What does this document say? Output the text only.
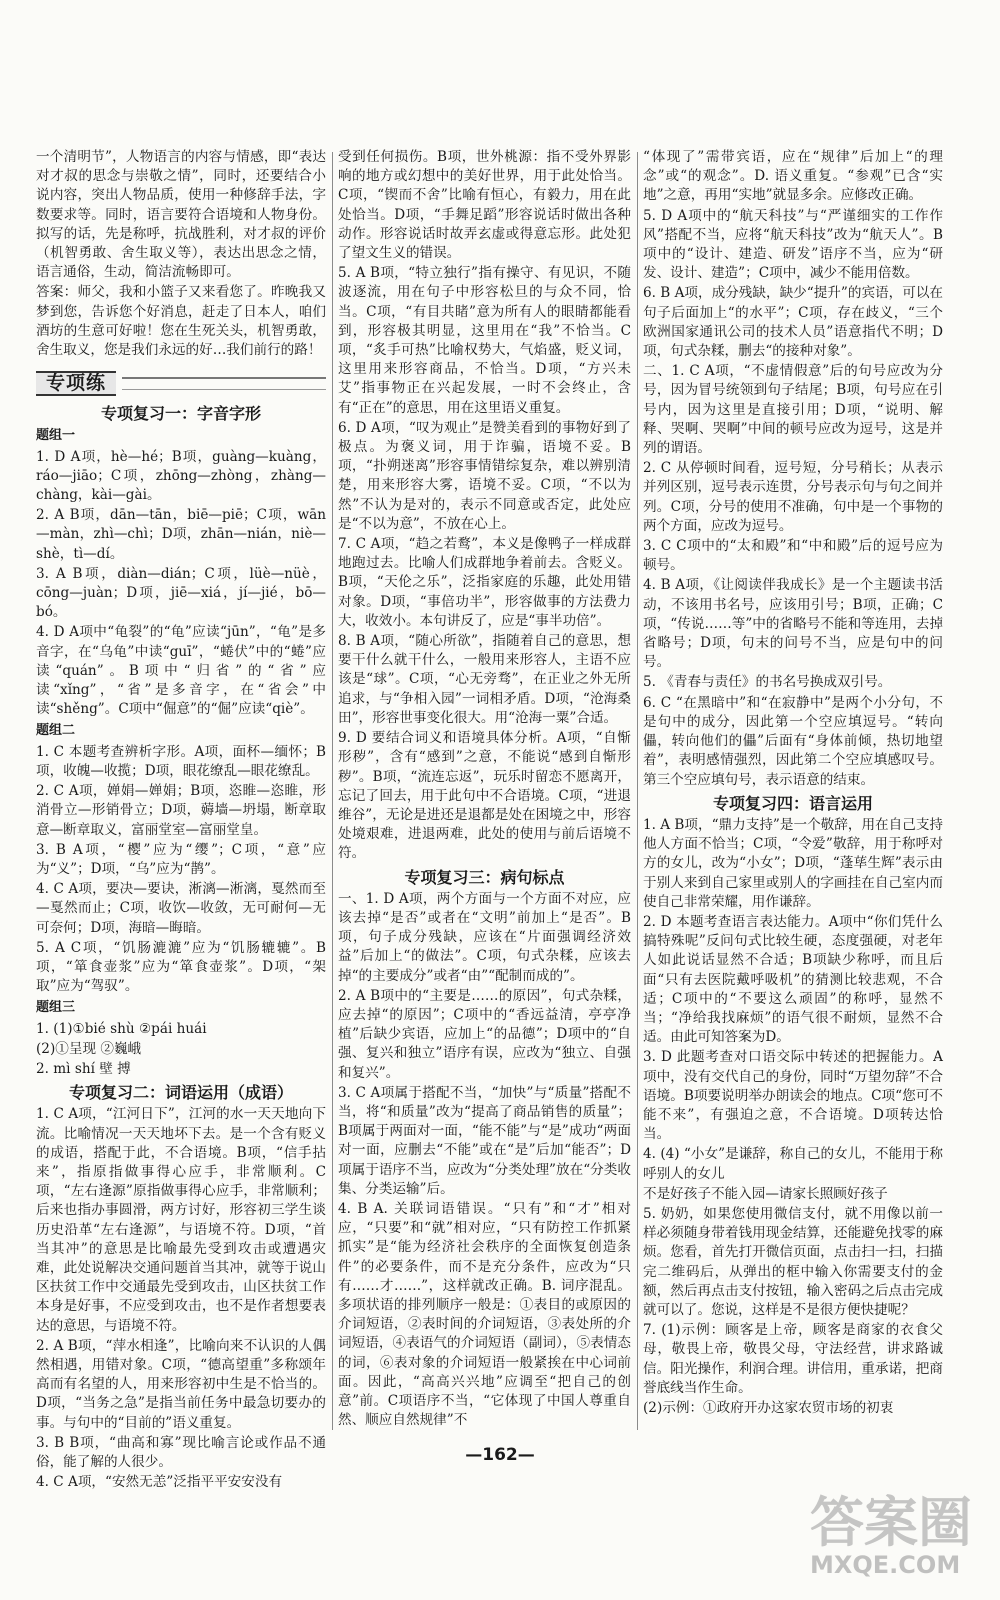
一个清明节”，人物语言的内容与情感，即“表达对才叔的思念与崇敬之情”，同时，还要结合小说内容，突出人物品质，使用一种修辞手法，字数要求等。同时，语言要符合语境和人物身份。拟写的话，先是称呼，抗战胜利，对才叔的评价（机智勇敢、舍生取义等），表达出思念之情，语言通俗，生动，简洁流畅即可。

答案：师父，我和小篮子又来看您了。昨晚我又梦到您，告诉您个好消息，赶走了日本人，咱们酒坊的生意可好啦！您在生死关头，机智勇敢，舍生取义，您是我们永远的好…我们前行的路！

专项练
专项复习一：字音字形
题组一

1. D A项，hè—hé；B项，guàng—kuàng，ráo—jiāo；C项，zhōng—zhòng，zhàng—chàng，kài—gài。

2. A B项，dān—tān，biē—piē；C项，wān—màn，zhì—chì；D项，zhān—nián，niè—shè，tì—dí。

3. A B项，diàn—dián；C项，lüè—nüè，cōng—juàn；D项，jiē—xiá，jí—jié，bō—bó。

4. D A项中“龟裂”的“龟”应读“jūn”，“龟”是多音字，在“乌龟”中读“guī”，“蜷伏”中的“蜷”应读“quán”。B项中“归省”的“省”应读“xǐng”，“省”是多音字，在“省会”中读“shěng”。C项中“倔意”的“倔”应读“qiè”。

题组二

1. C 本题考查辨析字形。A项，面杯—缅怀；B项，收魄—收揽；D项，眼花缭乱—眼花缭乱。

2. C A项，婵娟—婵娟；B项，恣睢—恣睢，形消骨立—形销骨立；D项，薅墙—坍塌，断章取意—断章取义，富丽堂室—富丽堂皇。

3. B A项，“樱”应为“缨”；C项，“意”应为“义”；D项，“乌”应为“鹊”。

4. C A项，要决—要诀，淅漓—淅漓，戛然而至—戛然而止；C项，收饮—收敛，无可耐何—无可奈何；D项，海暗—晦暗。

5. A C项，“饥肠漉漉”应为“饥肠辘辘”。B项，“箪食壶浆”应为“箪食壶浆”。D项，“架取”应为“驾驭”。

题组三

1. (1)①bié shù ②pái huái

(2)①呈现 ②巍峨

2. mì shí 壁 搏

专项复习二：词语运用（成语）

1. C A项，“江河日下”，江河的水一天天地向下流。比喻情况一天天地坏下去。是一个含有贬义的成语，搭配于此，不合语境。B项，“信手拈来”，指原指做事得心应手，非常顺利。C项，“左右逢源”原指做事得心应手，非常顺利；后来也指办事圆滑，两方讨好，形容初三学生谈历史沿革“左右逢源”，与语境不符。D项，“首当其冲”的意思是比喻最先受到攻击或遭遇灾难，此处说解决交通问题首当其冲，就等于说山区扶贫工作中交通最先受到攻击，山区扶贫工作本身是好事，不应受到攻击，也不是作者想要表达的意思，与语境不符。

2. A B项，“萍水相逢”，比喻向来不认识的人偶然相遇，用错对象。C项，“德高望重”多称颂年高而有名望的人，用来形容初中生是不恰当的。D项，“当务之急”是指当前任务中最急切要办的事。与句中的“目前的”语义重复。

3. B B项，“曲高和寡”现比喻言论或作品不通俗，能了解的人很少。

4. C A项，“安然无恙”泛指平平安安没有

受到任何损伤。B项，世外桃源：指不受外界影响的地方或幻想中的美好世界，用于此处恰当。C项，“锲而不舍”比喻有恒心，有毅力，用在此处恰当。D项，“手舞足蹈”形容说话时做出各种动作。形容说话时故弄玄虚或得意忘形。此处犯了望文生义的错误。

5. A B项，“特立独行”指有操守、有见识，不随波逐流，用在句子中形容松旦的与众不同，恰当。C项，“有目共睹”意为所有人的眼睛都能看到，形容极其明显，这里用在“我”不恰当。C项，“炙手可热”比喻权势大，气焰盛，贬义词，这里用来形容商品，不恰当。D项，“方兴未艾”指事物正在兴起发展，一时不会终止，含有“正在”的意思，用在这里语义重复。

6. D A项，“叹为观止”是赞美看到的事物好到了极点。为褒义词，用于诈骗，语境不妥。B项，“扑朔迷离”形容事情错综复杂，难以辨别清楚，用来形容大雾，语境不妥。C项，“不以为然”不认为是对的，表示不同意或否定，此处应是“不以为意”，不放在心上。

7. C A项，“趋之若鹜”，本义是像鸭子一样成群地跑过去。比喻人们成群地争着前去。含贬义。B项，“天伦之乐”，泛指家庭的乐趣，此处用错对象。D项，“事倍功半”，形容做事的方法费力大，收效小。本句讲反了，应是“事半功倍”。

8. B A项，“随心所欲”，指随着自己的意思，想要干什么就干什么，一般用来形容人，主语不应该是“球”。C项，“心无旁骛”，在正业之外无所追求，与“争相入园”一词相矛盾。D项，“沧海桑田”，形容世事变化很大。用“沧海一粟”合适。

9. D 要结合词义和语境具体分析。A项，“自惭形秽”，含有“感到”之意，不能说“感到自惭形秽”。B项，“流连忘返”，玩乐时留恋不愿离开，忘记了回去，用于此句中不合语境。C项，“进退维谷”，无论是进还是退都是处在困境之中，形容处境艰难，进退两难，此处的使用与前后语境不符。

专项复习三：病句标点

一、1. D A项，两个方面与一个方面不对应，应该去掉“是否”或者在“文明”前加上“是否”。B项，句子成分残缺，应该在“片面强调经济效益”后加上“的做法”。C项，句式杂糅，应该去掉“的主要成分”或者“由”“配制而成的”。

2. A B项中的“主要是……的原因”，句式杂糅，应去掉“的原因”；C项中的“香远益清，亭亭净植”后缺少宾语，应加上“的品德”；D项中的“自强、复兴和独立”语序有误，应改为“独立、自强和复兴”。

3. C A项属于搭配不当，“加快”与“质量”搭配不当，将“和质量”改为“提高了商品销售的质量”；B项属于两面对一面，“能不能”与“是”成功“两面对一面，应删去“不能”或在“是”后加“能否”；D项属于语序不当，应改为“分类处理”放在“分类收集、分类运输”后。

4. B A. 关联词语错误。“只有”和“才”相对应，“只要”和“就”相对应，“只有防控工作抓紧抓实”是“能为经济社会秩序的全面恢复创造条件”的必要条件，而不是充分条件，应改为“只有……才……”，这样就改正确。B. 词序混乱。多项状语的排列顺序一般是：①表目的或原因的介词短语，②表时间的介词短语，③表处所的介词短语，④表语气的介词短语（副词），⑤表情态的词，⑥表对象的介词短语一般紧挨在中心词前面。因此，“高高兴兴地”应调至“把自己的创意”前。C项语序不当，“它体现了中国人尊重自然、顺应自然规律”不

“体现了”需带宾语，应在“规律”后加上“的理念”或“的观念”。D. 语义重复。“参观”已含“实地”之意，再用“实地”就显多余。应修改正确。

5. D A项中的“航天科技”与“严谨细实的工作作风”搭配不当，应将“航天科技”改为“航天人”。B项中的“设计、建造、研发”语序不当，应为“研发、设计、建造”；C项中，减少不能用倍数。

6. B A项，成分残缺，缺少“提升”的宾语，可以在句子后面加上“的水平”；C项，存在歧义，“三个欧洲国家通讯公司的技术人员”语意指代不明；D项，句式杂糅，删去“的接种对象”。

二、1. C A项，“不虚情假意”后的句号应改为分号，因为冒号统领到句子结尾；B项，句号应在引号内，因为这里是直接引用；D项，“说明、解释、哭啊、哭啊”中间的顿号应改为逗号，这是并列的谓语。

2. C 从停顿时间看，逗号短，分号稍长；从表示并列区别，逗号表示连贯，分号表示句与句之间并列。C项，分号的使用不准确，句中是一个事物的两个方面，应改为逗号。

3. C C项中的“太和殿”和“中和殿”后的逗号应为顿号。

4. B A项，《让阅读伴我成长》是一个主题读书活动，不该用书名号，应该用引号；B项，正确；C项，“传说……等”中的省略号不能和等连用，去掉省略号；D项，句末的问号不当，应是句中的问号。

5. 《青春与责任》的书名号换成双引号。

6. C “在黑暗中”和“在寂静中”是两个小分句，不是句中的成分，因此第一个空应填逗号。“转向儡，转向他们的儡”后面有“身体前倾，热切地望着”，表明感情强烈，因此第二个空应填感叹号。第三个空应填句号，表示语意的结束。

专项复习四：语言运用

1. A B项，“鼎力支持”是一个敬辞，用在自己支持他人方面不恰当；C项，“令爱”敬辞，用于称呼对方的女儿，改为“小女”；D项，“蓬荜生辉”表示由于别人来到自己家里或别人的字画挂在自己室内而使自己非常荣耀，用作谦辞。

2. D 本题考查语言表达能力。A项中“你们凭什么搞特殊呢”反问句式比较生硬，态度强硬，对老年人如此说话显然不合适；B项缺少称呼，而且后面“只有去医院戴呼吸机”的猜测比较悲观，不合适；C项中的“不要这么顽固”的称呼，显然不当；“净给我找麻烦”的语气很不耐烦，显然不合适。由此可知答案为D。

3. D 此题考查对口语交际中转述的把握能力。A项中，没有交代自己的身份，同时“万望勿辞”不合语境。B项要说明举办朗读会的地点。C项“您可不能不来”，有强迫之意，不合语境。D项转达恰当。

4. (4) “小女”是谦辞，称自己的女儿，不能用于称呼别人的女儿

不是好孩子不能入园—请家长照顾好孩子

5. 奶奶，如果您使用微信支付，就不用像以前一样必须随身带着钱用现金结算，还能避免找零的麻烦。您看，首先打开微信页面，点击扫一扫，扫描完二维码后，从弹出的框中输入你需要支付的金额，然后再点击支付按钮，输入密码之后点击完成就可以了。您说，这样是不是很方便快捷呢？

7. (1)示例：顾客是上帝，顾客是商家的衣食父母，敬畏上帝，敬畏父母，守法经营，讲求路诚信。阳光操作，利润合理。讲信用，重承诺，把商誉底线当作生命。

(2)示例：①政府开办这家农贸市场的初衷

—162—
答案圈
MXQE.COM
